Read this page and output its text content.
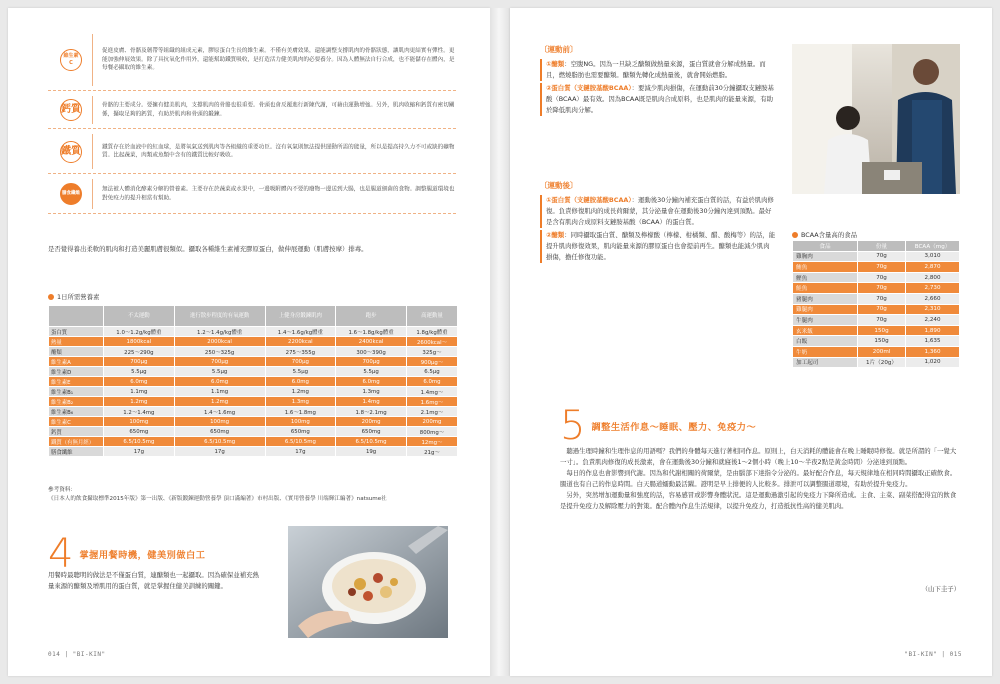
維生素
C
促進皮膚、骨骼及韌帶等組織的組成元素，膠原蛋白生長的維生素。不僅有美膚效果，還能調整支撐肌肉的骨骼狀態，讓肌肉更結實有彈性。更能加強伸展效果。除了具抗氧化作用外，還能幫助鐵質吸收，是打造活力健美肌肉的必要養分。因為人體無法自行合成，也不能儲存在體內，是每餐必攝取的維生素。
鈣質	骨骼的主要成分。要擁有健美肌肉，支撐肌肉的骨骼也很重要。骨頭也會反覆進行新陳代謝，可藉由運動增強。另外，肌肉收縮和鈣質有密切關係，攝取足夠的鈣質，有助於肌肉和骨頭的鍛鍊。
鐵質	鐵質存在於血液中的紅血球，是將氧氣送到肌肉等各組織的重要功臣。沒有氧氣則無法提供運動所需的能量，所以是提高持久力不可或缺的礦物質。比起蔬菜，肉類或魚類中含有的鐵質比較好吸收。
膳食纖維
無法被人體消化酵素分解的營養素。主要存在於蔬菜或水果中，一邊吸附體內不要的廢物一邊送到大腸，也是腸道細菌的食物。調整腸道環境也對免疫力的提升相當有幫助。
是否覺得養出柔軟的肌肉和打造美麗肌膚很類似。攝取各種維生素補充膠原蛋白，做伸展運動（肌膚按摩）排毒。
1日所需營養素
	不太運動	進行散步程度的有氧運動	上健身房鍛鍊肌肉	跑步	高運動量
蛋白質	1.0〜1.2g/kg體重	1.2〜1.4g/kg體重	1.4〜1.6g/kg體重	1.6〜1.8g/kg體重	1.8g/kg體重
熱量	1800kcal	2000kcal	2200kcal	2400kcal	2600kcal〜
醣類	225〜290g	250〜325g	275〜355g	300〜390g	325g〜
維生素A	700μg	700μg	700μg	700μg	900μg〜
維生素D	5.5μg	5.5μg	5.5μg	5.5μg	6.5μg
維生素E	6.0mg	6.0mg	6.0mg	6.0mg	6.0mg
維生素B₁	1.1mg	1.1mg	1.2mg	1.3mg	1.4mg〜
維生素B₂	1.2mg	1.2mg	1.3mg	1.4mg	1.6mg〜
維生素B₆	1.2〜1.4mg	1.4〜1.6mg	1.6〜1.8mg	1.8〜2.1mg	2.1mg〜
維生素C	100mg	100mg	100mg	200mg	200mg
鈣質	650mg	650mg	650mg	650mg	800mg〜
鐵質（有無月經）	6.5/10.5mg	6.5/10.5mg	6.5/10.5mg	6.5/10.5mg	12mg〜
膳食纖維	17g	17g	17g	19g	21g〜
參考資料：
《日本人的飲食攝取標準2015年版》第一出版、《新版鍛鍊運動營養學 頂口滿編著》市村出版、《實用營養學 川端輝江編著》natsume社
4 掌握用餐時機，健美別做白工
用餐時最聰明的做法是不僅蛋白質，連醣類也一起攝取。因為確保並補充熱量來源的醣類及增肌用的蛋白質，就是掌握住健美訓練的關鍵。
014 | "BI-KIN"
〔運動前〕
①醣類：空腹NG。因為一旦缺乏醣類做熱量來源，蛋白質就會分解成熱量。而且，燃燒脂肪也需要醣類。醣類先轉化成熱量後，就會開始燃脂。
②蛋白質（支鏈胺基酸BCAA）：要減少肌肉損傷，在運動前30分鐘攝取支鏈胺基酸（BCAA）最有效。因為BCAA既是肌肉合成原料，也是肌肉的能量來源，有助於降低肌肉分解。
〔運動後〕
①蛋白質（支鏈胺基酸BCAA）：運動後30分鐘內補充蛋白質的話，有益於肌肉修復。負責修復肌肉的成長荷爾蒙，其分泌量會在運動後30分鐘內達到頂點。最好是含有肌肉合成原料支鏈胺基酸（BCAA）的蛋白質。
②醣類：同時攝取蛋白質、醣類及檸檬酸（檸檬、柑橘類、醋、酸梅等）的話，能提升肌肉修復效果，肌肉能量來源的膠原蛋白也會提前再生。醣類也能減少肌肉損傷，擔任修復功能。
BCAA含量高的食品
食品	份量	BCAA（mg）
雞胸肉	70g	3,010
鮪魚	70g	2,870
鰹魚	70g	2,800
鮭魚	70g	2,730
豬腿肉	70g	2,660
雞腿肉	70g	2,310
牛腿肉	70g	2,240
玄米飯	150g	1,890
白飯	150g	1,635
牛奶	200ml	1,360
加工起司	1片（20g）	1,020
5 調整生活作息～睡眠、壓力、免疫力～

聽過生理時鐘和生理作息的用語嗎？我們的身體每天進行著相同作息。原則上，白天消耗的體能會在晚上睡眠時修復。就是所謂的「一覺大一寸」。負責肌肉修復的成長激素，會在運動後30分鐘和就寢後1〜2個小時（晚上10〜半夜2點是黃金時間）分泌達到頂點。

每日的作息也會影響到代謝。因為和代謝相關的荷爾蒙，是由腦部下達指令分泌的。最好配合作息，每天規律地在相同時間攝取正確飲食。腸道也有自己的作息時間。白天腸道蠕動最活躍。證明是早上排便的人比較多。排泄可以調整腸道環境，有助於提升免疫力。

另外，突然增加運動量和強度的話，容易感冒或影響身體狀況。這是運動過激引起的免疫力下降所造成。主食、主菜、副菜搭配得宜的飲食是提升免疫力及解除壓力的對策。配合體內作息生活規律，以提升免疫力，打造抵抗性高的健美肌肉。

（山下圭子）
"BI-KIN" | 015
